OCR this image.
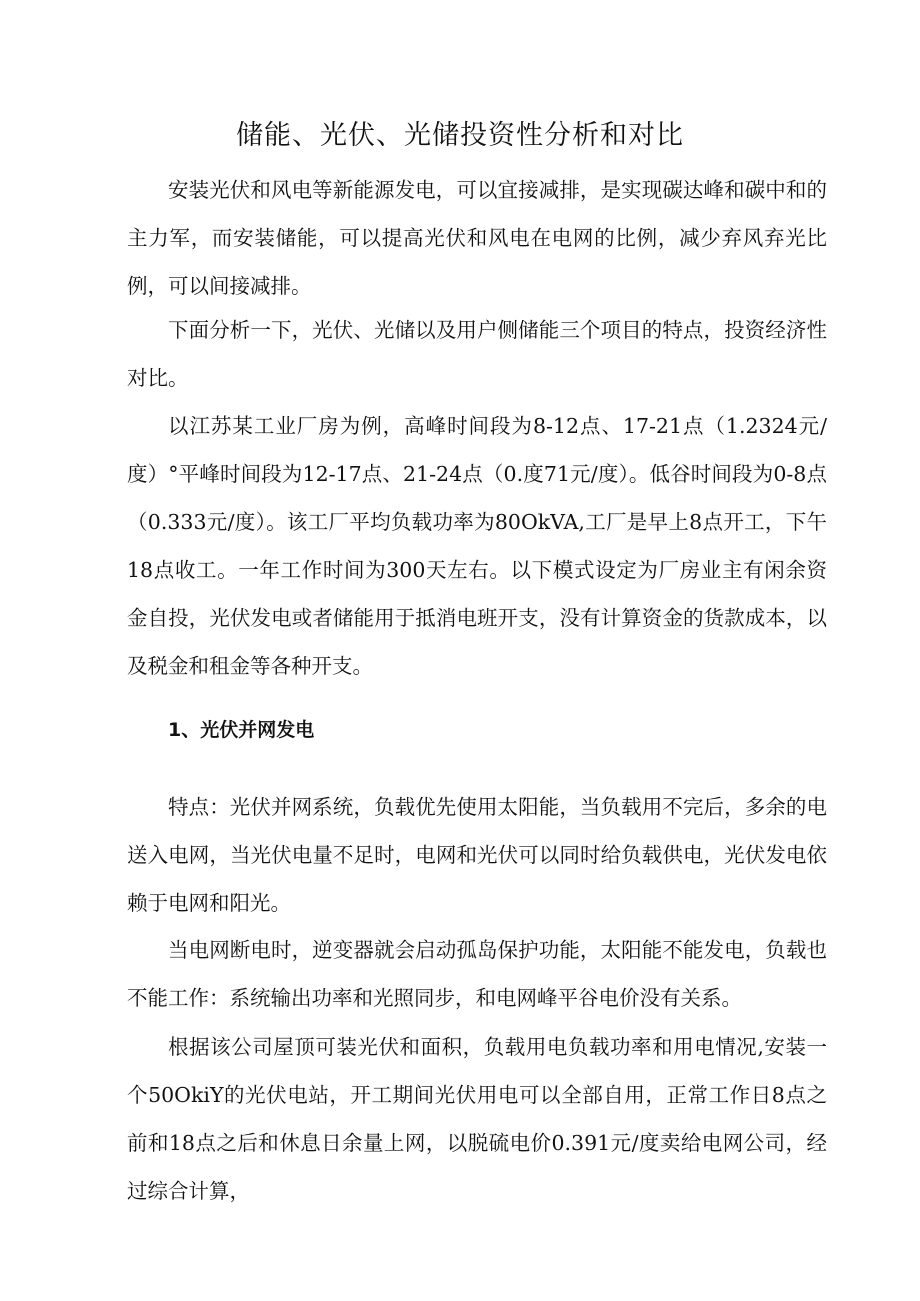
储能、光伏、光储投资性分析和对比

安装光伏和风电等新能源发电，可以宜接减排，是实现碳达峰和碳中和的主力军，而安装储能，可以提高光伏和风电在电网的比例，减少弃风弃光比例，可以间接减排。

下面分析一下，光伏、光储以及用户侧储能三个项目的特点，投资经济性对比。

以江苏某工业厂房为例，高峰时间段为8-12点、17-21点（1.2324元/度）°平峰时间段为12-17点、21-24点（0.度71元/度）。低谷时间段为0-8点（0.333元/度）。该工厂平均负载功率为80OkVA,工厂是早上8点开工，下午18点收工。一年工作时间为300天左右。以下模式设定为厂房业主有闲余资金自投，光伏发电或者储能用于抵消电班开支，没有计算资金的货款成本，以及税金和租金等各种开支。

1、光伏并网发电

特点：光伏并网系统，负载优先使用太阳能，当负载用不完后，多余的电送入电网，当光伏电量不足时，电网和光伏可以同时给负载供电，光伏发电依赖于电网和阳光。

当电网断电时，逆变器就会启动孤岛保护功能，太阳能不能发电，负载也不能工作：系统输出功率和光照同步，和电网峰平谷电价没有关系。

根据该公司屋顶可装光伏和面积，负载用电负载功率和用电情况,安装一个50OkiY的光伏电站，开工期间光伏用电可以全部自用，正常工作日8点之前和18点之后和休息日余量上网，以脱硫电价0.391元/度卖给电网公司，经过综合计算，
